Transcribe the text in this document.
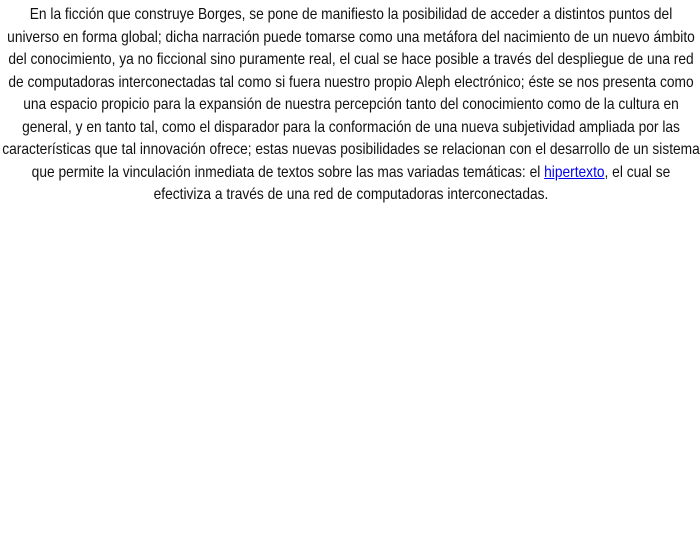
En la ficción que construye Borges, se pone de manifiesto la posibilidad de acceder a distintos puntos del universo en forma global; dicha narración puede tomarse como una metáfora del nacimiento de un nuevo ámbito del conocimiento, ya no ficcional sino puramente real, el cual se hace posible a través del despliegue de una red de computadoras interconectadas tal como si fuera nuestro propio Aleph electrónico; éste se nos presenta como una espacio propicio para la expansión de nuestra percepción tanto del conocimiento como de la cultura en general, y en tanto tal, como el disparador para la conformación de una nueva subjetividad ampliada por las características que tal innovación ofrece; estas nuevas posibilidades se relacionan con el desarrollo de un sistema que permite la vinculación inmediata de textos sobre las mas variadas temáticas: el hipertexto, el cual se efectiviza a través de una red de computadoras interconectadas.
